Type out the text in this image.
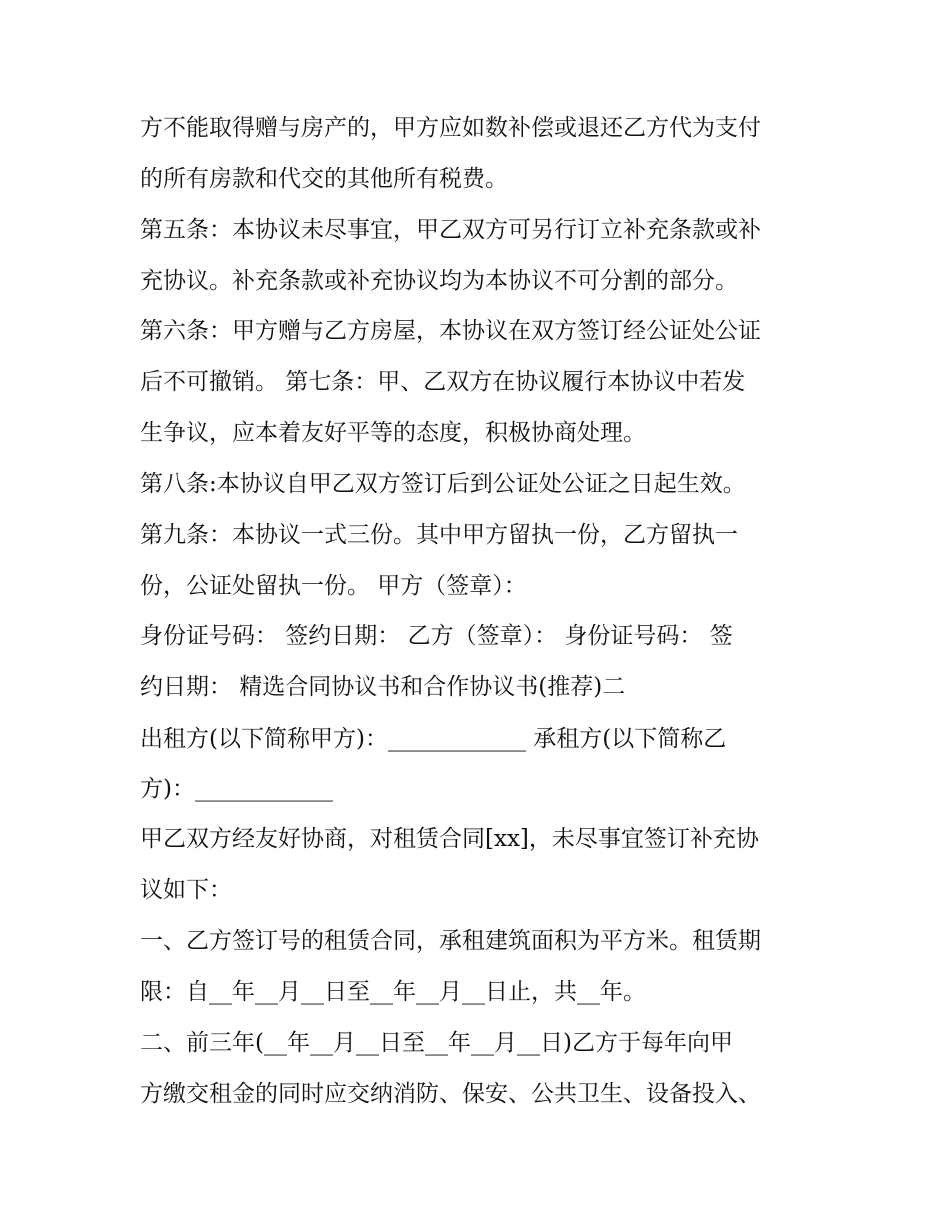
方不能取得赠与房产的，甲方应如数补偿或退还乙方代为支付
的所有房款和代交的其他所有税费。
第五条：本协议未尽事宜，甲乙双方可另行订立补充条款或补
充协议。补充条款或补充协议均为本协议不可分割的部分。
第六条：甲方赠与乙方房屋，本协议在双方签订经公证处公证
后不可撤销。 第七条：甲、乙双方在协议履行本协议中若发
生争议，应本着友好平等的态度，积极协商处理。
第八条:本协议自甲乙双方签订后到公证处公证之日起生效。
第九条：本协议一式三份。其中甲方留执一份，乙方留执一
份，公证处留执一份。 甲方（签章）：
身份证号码： 签约日期： 乙方（签章）： 身份证号码： 签
约日期： 精选合同协议书和合作协议书(推荐)二
出租方(以下简称甲方)：____________ 承租方(以下简称乙
方)：____________
甲乙双方经友好协商，对租赁合同[xx]，未尽事宜签订补充协
议如下：
一、乙方签订号的租赁合同，承租建筑面积为平方米。租赁期
限：自__年__月__日至__年__月__日止，共__年。
二、前三年(__年__月__日至__年__月__日)乙方于每年向甲
方缴交租金的同时应交纳消防、保安、公共卫生、设备投入、
